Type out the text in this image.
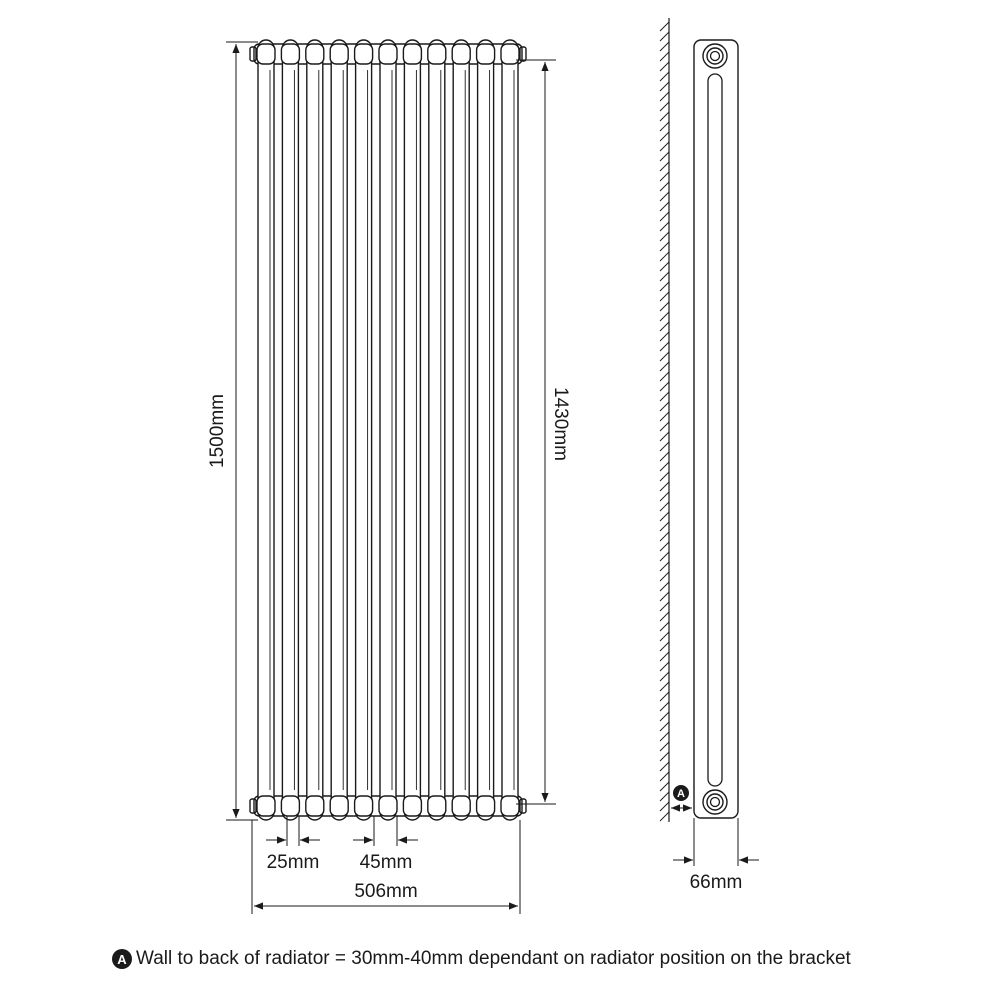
1500mm	1430mm
25mm 45mm
506mm
A
66mm
A Wall to back of radiator = 30mm-40mm dependant on radiator position on the bracket
